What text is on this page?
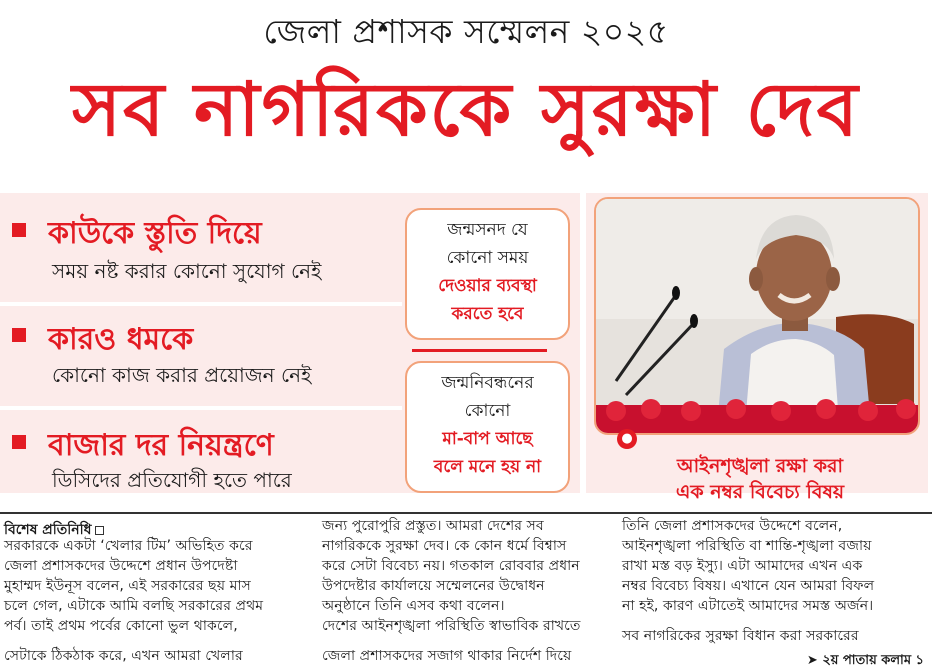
জেলা প্রশাসক সম্মেলন ২০২৫
সব নাগরিককে সুরক্ষা দেব
কাউকে স্তুতি দিয়ে
সময় নষ্ট করার কোনো সুযোগ নেই
কারও ধমকে
কোনো কাজ করার প্রয়োজন নেই
বাজার দর নিয়ন্ত্রণে
ডিসিদের প্রতিযোগী হতে পারে
জন্মসনদ যে
কোনো সময়
দেওয়ার ব্যবস্থা
করতে হবে
জন্মনিবন্ধনের
কোনো
মা-বাপ আছে
বলে মনে হয় না
●
আইনশৃঙ্খলা রক্ষা করা
এক নম্বর বিবেচ্য বিষয়
বিশেষ প্রতিনিধি
সরকারকে একটা ‘খেলার টিম’ অভিহিত করে
জেলা প্রশাসকদের উদ্দেশে প্রধান উপদেষ্টা
মুহাম্মদ ইউনূস বলেন, এই সরকারের ছয় মাস
চলে গেল, এটাকে আমি বলছি সরকারের প্রথম
পর্ব। তাই প্রথম পর্বের কোনো ভুল থাকলে,
সেটাকে ঠিকঠাক করে, এখন আমরা খেলার
জন্য পুরোপুরি প্রস্তুত। আমরা দেশের সব
নাগরিককে সুরক্ষা দেব। কে কোন ধর্মে বিশ্বাস
করে সেটা বিবেচ্য নয়। গতকাল রোববার প্রধান
উপদেষ্টার কার্যালয়ে সম্মেলনের উদ্বোধন
অনুষ্ঠানে তিনি এসব কথা বলেন।
দেশের আইনশৃঙ্খলা পরিস্থিতি স্বাভাবিক রাখতে
জেলা প্রশাসকদের সজাগ থাকার নির্দেশ দিয়ে
তিনি জেলা প্রশাসকদের উদ্দেশে বলেন,
আইনশৃঙ্খলা পরিস্থিতি বা শান্তি-শৃঙ্খলা বজায়
রাখা মস্ত বড় ইস্যু। এটা আমাদের এখন এক
নম্বর বিবেচ্য বিষয়। এখানে যেন আমরা বিফল
না হই, কারণ এটাতেই আমাদের সমস্ত অর্জন।
সব নাগরিকের সুরক্ষা বিধান করা সরকারের
➤ ২য় পাতায় কলাম ১
